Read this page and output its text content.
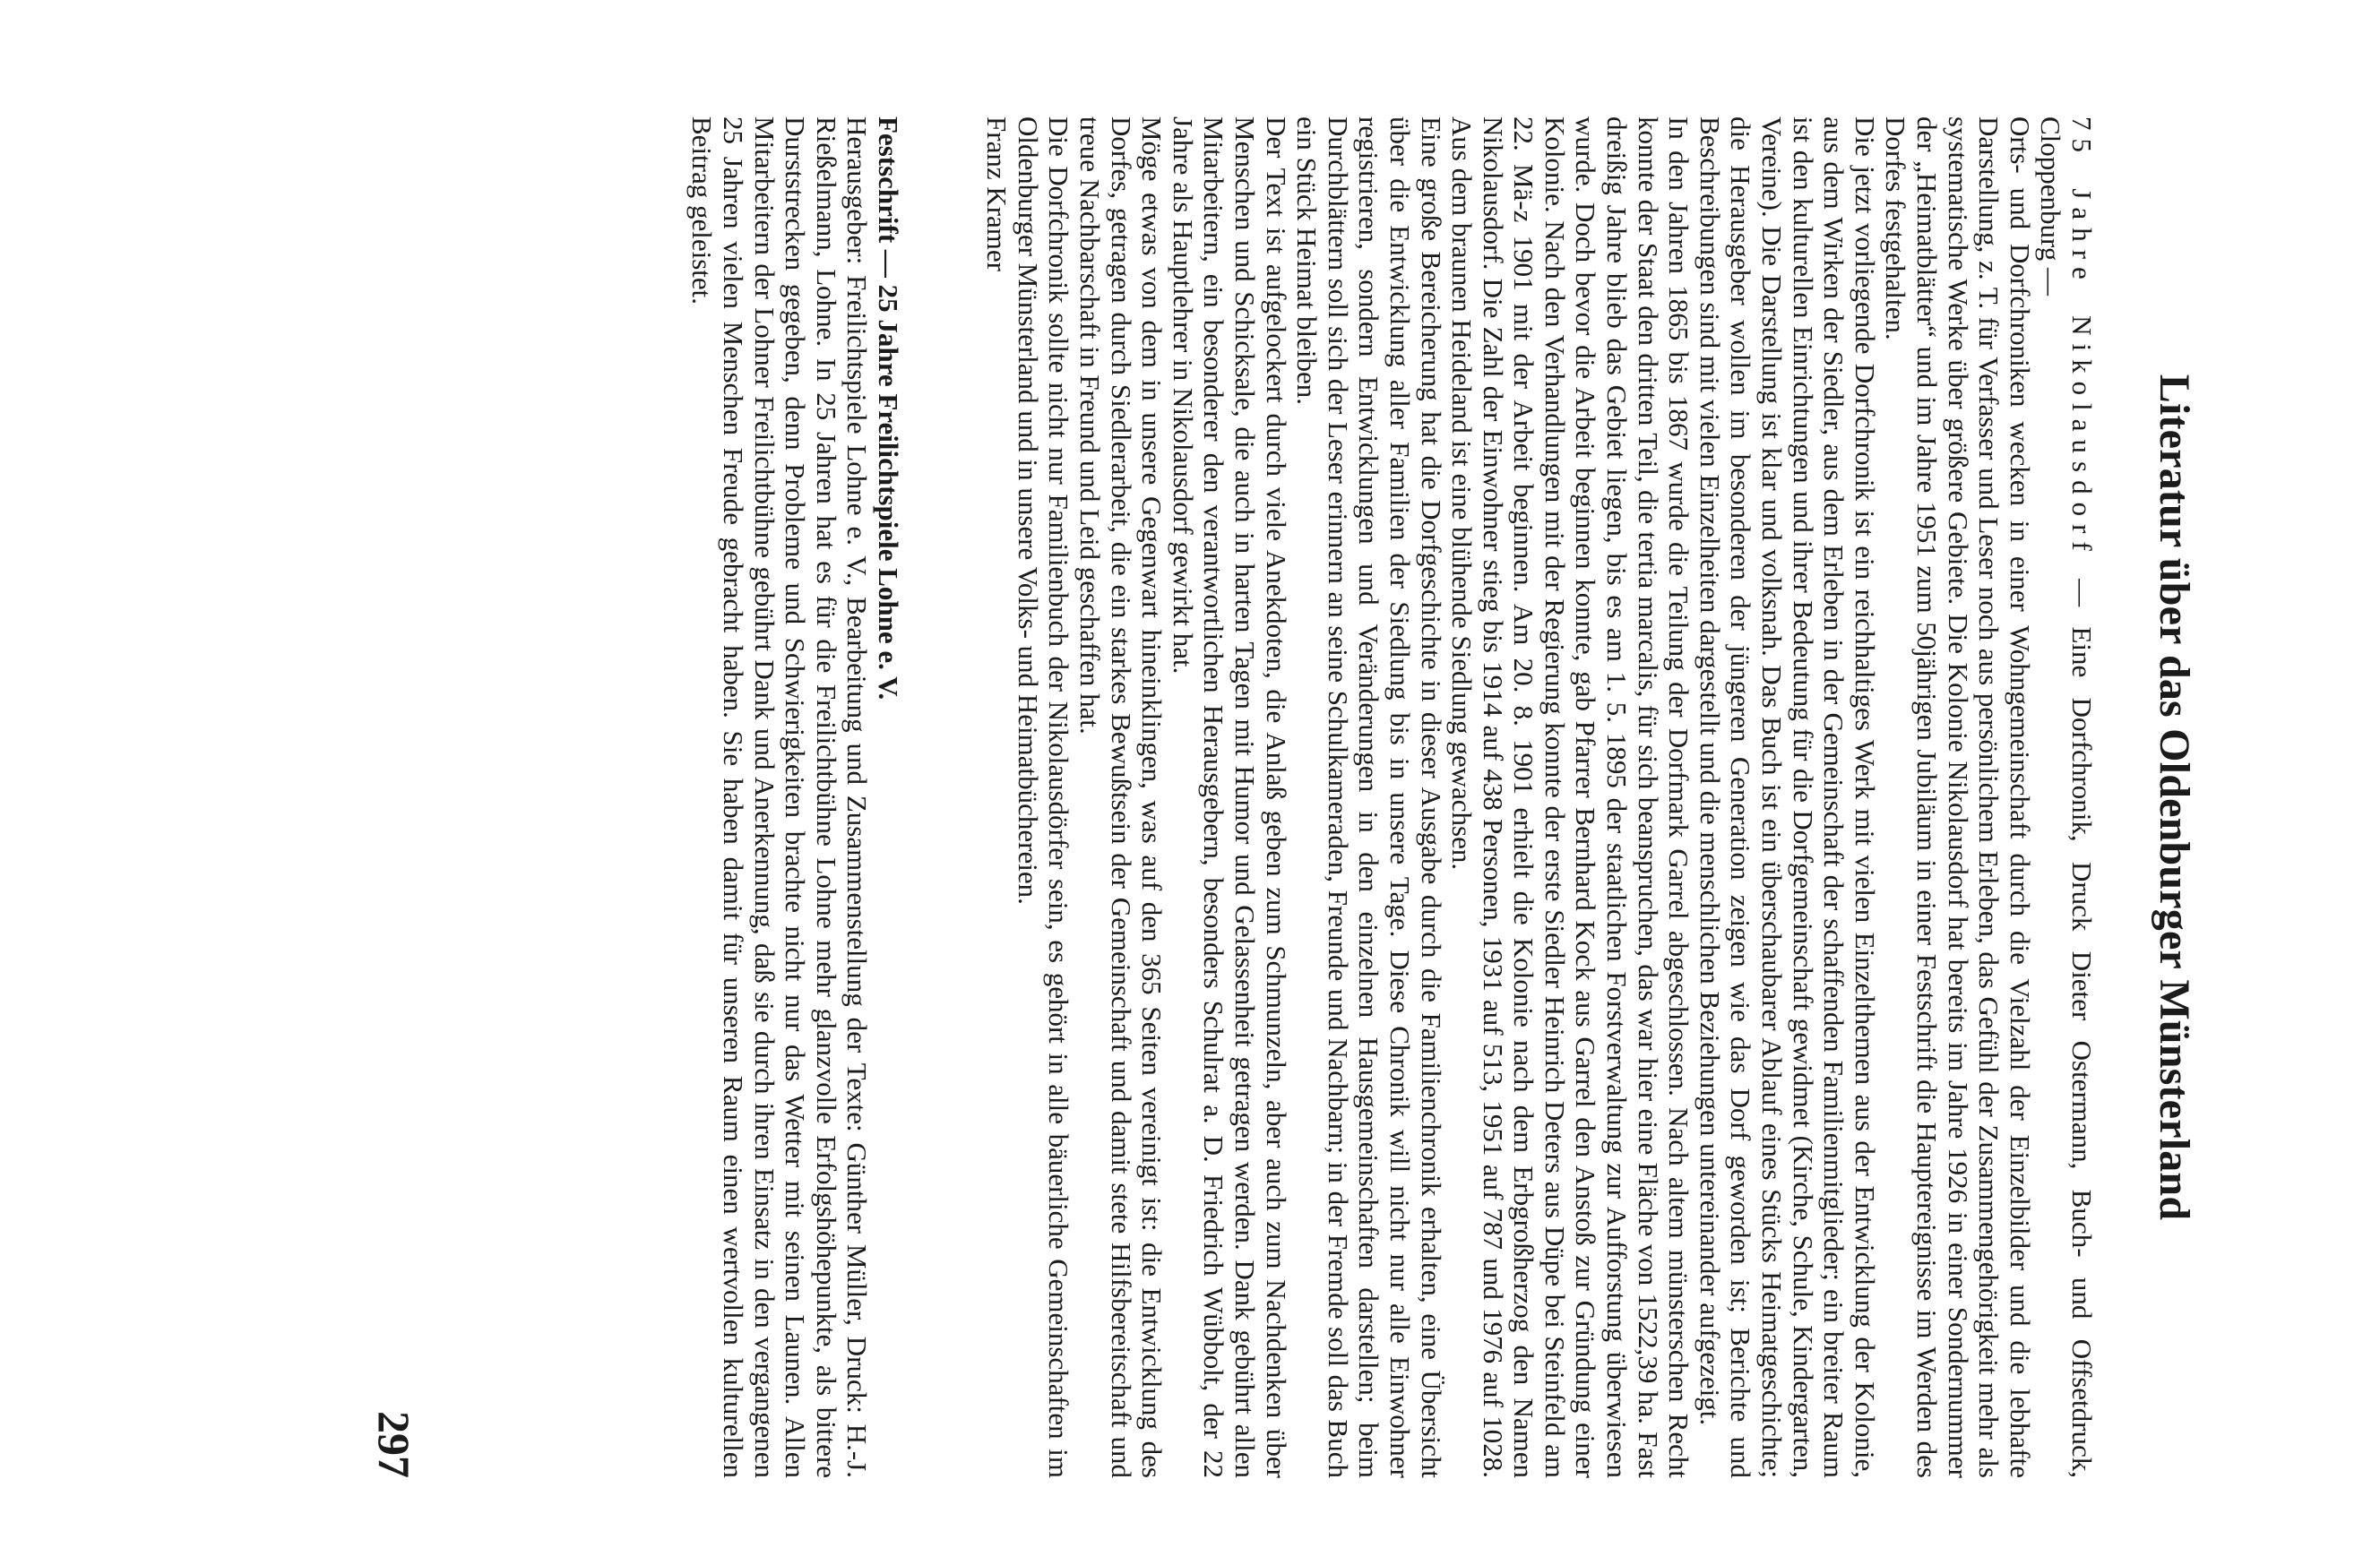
Literatur über das Oldenburger Münsterland

75 Jahre Nikolausdorf — Eine Dorfchronik, Druck Dieter Ostermann, Buch- und Offsetdruck, Cloppenburg —

Orts- und Dorfchroniken wecken in einer Wohngemeinschaft durch die Vielzahl der Einzelbilder und die lebhafte Darstellung, z. T. für Verfasser und Leser noch aus persönlichem Erleben, das Gefühl der Zusammengehörigkeit mehr als systematische Werke über größere Gebiete. Die Kolonie Nikolausdorf hat bereits im Jahre 1926 in einer Sondernummer der „Heimatblätter“ und im Jahre 1951 zum 50jährigen Jubiläum in einer Festschrift die Hauptereignisse im Werden des Dorfes festgehalten.

Die jetzt vorliegende Dorfchronik ist ein reichhaltiges Werk mit vielen Einzelthemen aus der Entwicklung der Kolonie, aus dem Wirken der Siedler, aus dem Erleben in der Gemeinschaft der schaffenden Familienmitglieder; ein breiter Raum ist den kulturellen Einrichtungen und ihrer Bedeutung für die Dorfgemeinschaft gewidmet (Kirche, Schule, Kindergarten, Vereine). Die Darstellung ist klar und volksnah. Das Buch ist ein überschaubarer Ablauf eines Stücks Heimatgeschichte; die Herausgeber wollen im besonderen der jüngeren Generation zeigen wie das Dorf geworden ist; Berichte und Beschreibungen sind mit vielen Einzelheiten dargestellt und die menschlichen Beziehungen untereinander aufgezeigt.

In den Jahren 1865 bis 1867 wurde die Teilung der Dorfmark Garrel abgeschlossen. Nach altem münsterschen Recht konnte der Staat den dritten Teil, die tertia marcalis, für sich beanspruchen, das war hier eine Fläche von 1522,39 ha. Fast dreißig Jahre blieb das Gebiet liegen, bis es am 1. 5. 1895 der staatlichen Forstverwaltung zur Aufforstung überwiesen wurde. Doch bevor die Arbeit beginnen konnte, gab Pfarrer Bernhard Kock aus Garrel den Anstoß zur Gründung einer Kolonie. Nach den Verhandlungen mit der Regierung konnte der erste Siedler Heinrich Deters aus Düpe bei Steinfeld am 22. Mä-z 1901 mit der Arbeit beginnen. Am 20. 8. 1901 erhielt die Kolonie nach dem Erbgroßherzog den Namen Nikolausdorf. Die Zahl der Einwohner stieg bis 1914 auf 438 Personen, 1931 auf 513, 1951 auf 787 und 1976 auf 1028. Aus dem braunen Heideland ist eine blühende Siedlung gewachsen.

Eine große Bereicherung hat die Dorfgeschichte in dieser Ausgabe durch die Familienchronik erhalten, eine Übersicht über die Entwicklung aller Familien der Siedlung bis in unsere Tage. Diese Chronik will nicht nur alle Einwohner registrieren, sondern Entwicklungen und Veränderungen in den einzelnen Hausgemeinschaften darstellen; beim Durchblättern soll sich der Leser erinnern an seine Schulkameraden, Freunde und Nachbarn; in der Fremde soll das Buch ein Stück Heimat bleiben.

Der Text ist aufgelockert durch viele Anekdoten, die Anlaß geben zum Schmunzeln, aber auch zum Nachdenken über Menschen und Schicksale, die auch in harten Tagen mit Humor und Gelassenheit getragen werden. Dank gebührt allen Mitarbeitern, ein besonderer den verantwortlichen Herausgebern, besonders Schulrat a. D. Friedrich Wübbolt, der 22 Jahre als Hauptlehrer in Nikolausdorf gewirkt hat.

Möge etwas von dem in unsere Gegenwart hineinklingen, was auf den 365 Seiten vereinigt ist: die Entwicklung des Dorfes, getragen durch Siedlerarbeit, die ein starkes Bewußtsein der Gemeinschaft und damit stete Hilfsbereitschaft und treue Nachbarschaft in Freund und Leid geschaffen hat.

Die Dorfchronik sollte nicht nur Familienbuch der Nikolausdörfer sein, es gehört in alle bäuerliche Gemeinschaften im Oldenburger Münsterland und in unsere Volks- und Heimatbüchereien.

Franz Kramer

Festschrift — 25 Jahre Freilichtspiele Lohne e. V.

Herausgeber: Freilichtspiele Lohne e. V., Bearbeitung und Zusammenstellung der Texte: Günther Müller, Druck: H.-J. Rießelmann, Lohne. In 25 Jahren hat es für die Freilichtbühne Lohne mehr glanzvolle Erfolgshöhepunkte, als bittere Durststrecken gegeben, denn Probleme und Schwierigkeiten brachte nicht nur das Wetter mit seinen Launen. Allen Mitarbeitern der Lohner Freilichtbühne gebührt Dank und Anerkennung, daß sie durch ihren Einsatz in den vergangenen 25 Jahren vielen Menschen Freude gebracht haben. Sie haben damit für unseren Raum einen wertvollen kulturellen Beitrag geleistet.

297
